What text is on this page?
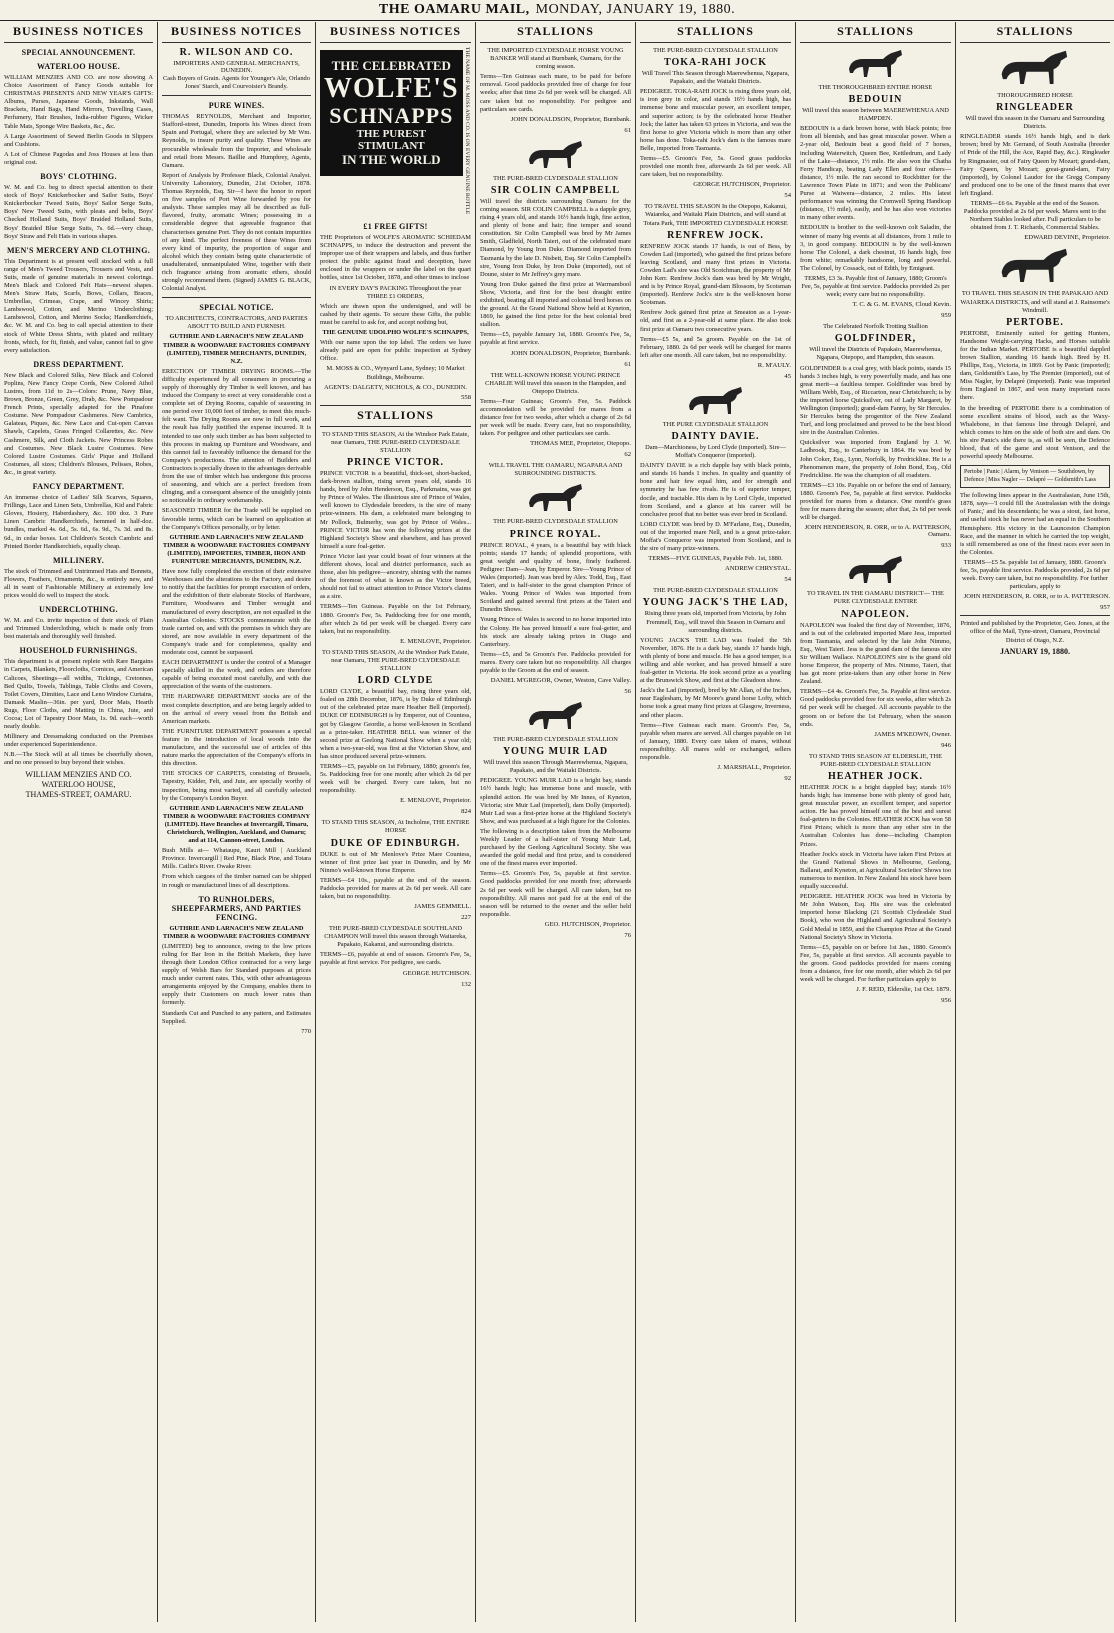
THE OAMARU MAIL, MONDAY, JANUARY 19, 1880.
BUSINESS NOTICES
SPECIAL ANNOUNCEMENT.
WATERLOO HOUSE.

WILLIAM MENZIES AND CO. are now showing A Choice Assortment of Fancy Goods suitable for CHRISTMAS PRESENTS AND NEW YEAR'S GIFTS: Albums, Purses, Japanese Goods, Inkstands, Wall Brackets, Hand Bags, Hand Mirrors, Travelling Cases, Perfumery, Hair Brushes, India-rubber Figures, Wicker Table Mats, Sponge Wire Baskets, &c., &c.

A Large Assortment of Sewed Berlin Goods in Slippers and Cushions.

A Lot of Chinese Pagodas and Joss Houses at less than original cost.

BOYS' CLOTHING.

W. M. and Co. beg to direct special attention to their stock of Boys' Knickerbocker and Sailor Suits, Boys' Knickerbocker Tweed Suits, Boys' Sailor Serge Suits, Boys' New Tweed Suits, with pleats and belts, Boys' Checked Holland Suits, Boys' Braided Holland Suits, Boys' Braided Blue Serge Suits, 7s. 6d.—very cheap, Boys' Straw and Felt Hats in various shapes.

MEN'S MERCERY AND CLOTHING.

This Department is at present well stocked with a full range of Men's Tweed Trousers, Trousers and Vests, and Suits, made of genuine materials in newest colorings. Men's Black and Colored Felt Hats—newest shapes. Men's Straw Hats, Scarfs, Bows, Collars, Braces, Umbrellas, Crimeas, Crape, and Wincey Shirts; Lambswool, Cotton, and Merino Underclothing; Lambswool, Cotton, and Merino Socks; Handkerchiefs, &c. W. M. and Co. beg to call special attention to their stock of White Dress Shirts, with plated and military fronts, which, for fit, finish, and value, cannot fail to give every satisfaction.

DRESS DEPARTMENT.

New Black and Colored Silks, New Black and Colored Poplins, New Fancy Crepe Cords, New Colored Athol Lustres, from 11d to 2s—Colors: Prune, Navy Blue, Brown, Bronze, Green, Grey, Drab, &c. New Pompadour French Prints, specially adapted for the Pinafore Costume. New Pompadour Cashmeres. New Cambrics, Galateas, Piques, &c. New Lace and Cut-open Canvas Shawls, Capelets, Grass Fringed Collarettes, &c. New Cashmere, Silk, and Cloth Jackets. New Princess Robes and Costumes. New Black Lustre Costumes. New Colored Lustre Costumes. Girls' Pique and Holland Costumes, all sizes; Children's Blouses, Pelisses, Robes, &c., in great variety.

FANCY DEPARTMENT.

An immense choice of Ladies' Silk Scarves, Squares, Frillings, Lace and Linen Sets, Umbrellas, Kid and Fabric Gloves, Hosiery, Haberdashery, &c. 100 doz. 3 Pure Linen Cambric Handkerchiefs, hemmed in half-doz. bundles, marked 4s. 6d., 5s. 6d., 6s. 9d., 7s. 3d. and 8s. 6d., in cedar boxes. Lot Children's Scotch Cambric and Printed Border Handkerchiefs, equally cheap.

MILLINERY.

The stock of Trimmed and Untrimmed Hats and Bonnets, Flowers, Feathers, Ornaments, &c., is entirely new, and all in want of Fashionable Millinery at extremely low prices would do well to inspect the stock.

UNDERCLOTHING.

W. M. and Co. invite inspection of their stock of Plain and Trimmed Underclothing, which is made only from best materials and thoroughly well finished.

HOUSEHOLD FURNISHINGS.

This department is at present replete with Rare Bargains in Carpets, Blankets, Floorcloths, Cornices, and American Calicoes, Sheetings—all widths, Tickings, Cretonnes, Bed Quilts, Towels, Tablings, Table Cloths and Covers, Toilet Covers, Dimities, Lace and Leno Window Curtains, Damask Maslin—36in. per yard, Door Mats, Hearth Rugs, Floor Cloths, and Matting in China, Jute, and Cocoa; Lot of Tapestry Door Mats, 1s. 9d. each—worth nearly double.

Millinery and Dressmaking conducted on the Premises under experienced Superintendence.

N.B.—The Stock will at all times be cheerfully shown, and no one pressed to buy beyond their wishes.

WILLIAM MENZIES AND CO.
WATERLOO HOUSE,
THAMES-STREET, OAMARU.
BUSINESS NOTICES
R. WILSON AND CO.
IMPORTERS AND GENERAL MERCHANTS, DUNEDIN.

Cash Buyers of Grain. Agents for Younger's Ale, Orlando Jones' Starch, and Courvoisier's Brandy.

PURE WINES.

THOMAS REYNOLDS, Merchant and Importer, Stafford-street, Dunedin, Imports his Wines direct from Spain and Portugal, where they are selected by Mr Wm. Reynolds, to insure purity and quality. These Wines are procurable wholesale from the Importer, and wholesale and retail from Messrs. Baillie and Humphrey, Agents, Oamaru.

Report of Analysis by Professor Black, Colonial Analyst. University Laboratory, Dunedin, 21st October, 1878. Thomas Reynolds, Esq. Sir—I have the honor to report on five samples of Port Wine forwarded by you for analysis. These samples may all be described as full-flavored, fruity, aromatic Wines; possessing in a considerable degree that agreeable fragrance that characterises genuine Port. They do not contain impurities of any kind. The perfect freeness of these Wines from every kind of impurity, the proportion of sugar and alcohol which they contain being quite characteristic of unadulterated, unmanipulated Wine, together with their rich fragrance arising from aromatic ethers, should strongly recommend them. (Signed) JAMES G. BLACK, Colonial Analyst.

SPECIAL NOTICE.

TO ARCHITECTS, CONTRACTORS, AND PARTIES ABOUT TO BUILD AND FURNISH.

GUTHRIE AND LARNACH'S NEW ZEALAND TIMBER & WOODWARE FACTORIES COMPANY (LIMITED), TIMBER MERCHANTS, DUNEDIN, N.Z.

ERECTION OF TIMBER DRYING ROOMS.—The difficulty experienced by all consumers in procuring a supply of thoroughly dry Timber is well known, and has induced the Company to erect at very considerable cost a complete set of Drying Rooms, capable of seasoning in one period over 10,000 feet of timber, to meet this much-felt want. The Drying Rooms are now in full work, and the result has fully justified the expense incurred. It is intended to use only such timber as has been subjected to this process in making up Furniture and Woodware, and this cannot fail to favorably influence the demand for the Company's productions. The attention of Builders and Contractors is specially drawn to the advantages derivable from the use of timber which has undergone this process of seasoning, and which are a perfect freedom from clinging, and a consequent absence of the unsightly joints so noticeable in ordinary workmanship.

SEASONED TIMBER for the Trade will be supplied on favorable terms, which can be learned on application at the Company's Offices personally, or by letter.

GUTHRIE AND LARNACH'S NEW ZEALAND TIMBER & WOODWARE FACTORIES COMPANY (LIMITED), IMPORTERS, TIMBER, IRON AND FURNITURE MERCHANTS, DUNEDIN, N.Z.

Have now fully completed the erection of their extensive Warehouses and the alterations to the Factory, and desire to notify that the facilities for prompt execution of orders, and the exhibition of their elaborate Stocks of Hardware, Furniture, Woodwares and Timber wrought and manufactured of every description, are not equalled in the Australian Colonies. STOCKS commensurate with the trade carried on, and with the premises in which they are stored, are now available in every department of the Company's trade and for completeness, quality and moderate cost, cannot be surpassed.

EACH DEPARTMENT is under the control of a Manager specially skilled in the work, and orders are therefore capable of being executed most carefully, and with due appreciation of the wants of the customers.

THE HARDWARE DEPARTMENT stocks are of the most complete description, and are being largely added to on the arrival of every vessel from the British and American markets.

THE FURNITURE DEPARTMENT possesses a special feature in the introduction of local woods into the manufacture, and the successful use of articles of this nature marks the appreciation of the Company's efforts in this direction.

THE STOCKS OF CARPETS, consisting of Brussels, Tapestry, Kidder, Felt, and Jute, are specially worthy of inspection, being most varied, and all carefully selected by the Company's London Buyer.

GUTHRIE AND LARNACH'S NEW ZEALAND TIMBER & WOODWARE FACTORIES COMPANY (LIMITED). Have Branches at Invercargill, Timaru, Christchurch, Wellington, Auckland, and Oamaru; and at 114, Cannon-street, London.

Bush Mills at— Whataupu, Kauri Mill | Auckland Province. Invercargill | Red Pine, Black Pine, and Totara Mills. Catlin's River. Owake River.

From which cargoes of the timber named can be shipped in rough or manufactured lines of all descriptions.

TO RUNHOLDERS, SHEEPFARMERS, AND PARTIES FENCING.

GUTHRIE AND LARNACH'S NEW ZEALAND TIMBER & WOODWARE FACTORIES COMPANY

(LIMITED) beg to announce, owing to the low prices ruling for Bar Iron in the British Markets, they have through their London Office contracted for a very large supply of Welsh Bars for Standard purposes at prices much under current rates. This, with other advantageous arrangements enjoyed by the Company, enables them to supply their Customers on much lower rates than formerly.

Standards Cut and Punched to any pattern, and Estimates Supplied.

770
BUSINESS NOTICES
THE CELEBRATED
WOLFE'S
SCHNAPPS
THE PUREST STIMULANT
IN THE WORLD	THE NAME OF M. MOSS AND CO. IS ON EVERY GENUINE BOTTLE
£1 FREE GIFTS!

THE Proprietors of WOLFE'S AROMATIC SCHIEDAM SCHNAPPS, to induce the destruction and prevent the improper use of their wrappers and labels, and thus further protect the public against fraud and deception, have enclosed in the wrappers or under the label on the quart bottles, since 1st October, 1878, and other times to inclose

IN EVERY DAY'S PACKING Throughout the year THREE £1 ORDERS,

Which are drawn upon the undersigned, and will be cashed by their agents. To secure these Gifts, the public must be careful to ask for, and accept nothing but,

THE GENUINE UDOLPHO WOLFE'S SCHNAPPS,

With our name upon the top label. The orders we have already paid are open for public inspection at Sydney Office.

M. MOSS & CO., Wynyard Lane, Sydney; 10 Market Buildings, Melbourne.

AGENTS: DALGETY, NICHOLS, & CO., DUNEDIN.

558
STALLIONS

TO STAND THIS SEASON, At the Windsor Park Estate, near Oamaru, THE PURE-BRED CLYDESDALE STALLION

PRINCE VICTOR.

PRINCE VICTOR is a beautiful, thick-set, short-backed, dark-brown stallion, rising seven years old, stands 16 hands, bred by John Henderson, Esq., Parkmains, was got by Prince of Wales. The illustrious sire of Prince of Wales, well known to Clydesdale breeders, is the sire of many prize-winners. His dam, a celebrated mare belonging to Mr Pollock, Bulmerhy, was got by Prince of Wales... PRINCE VICTOR has won the following prizes at the Highland Society's Show and elsewhere, and has proved himself a sure foal-getter.

Prince Victor last year could boast of four winners at the different shows, local and district performance, such as those, also his pedigree—ancestry, shining with the names of the foremost of what is known as the Victor breed, should not fail to attract attention to Prince Victor's claims as a sire.

TERMS—Ten Guineas. Payable on the 1st February, 1880. Groom's Fee, 5s. Paddocking free for one month, after which 2s 6d per week will be charged. Every care taken, but no responsibility.

E. MENLOVE, Proprietor.

TO STAND THIS SEASON, At the Windsor Park Estate, near Oamaru, THE PURE-BRED CLYDESDALE STALLION

LORD CLYDE

LORD CLYDE, a beautiful bay, rising three years old, foaled on 28th December, 1876, is by Duke of Edinburgh out of the celebrated prize mare Heather Bell (imported). DUKE OF EDINBURGH is by Emperor, out of Countess, got by Glasgow Geordie, a horse well-known in Scotland as a prize-taker. HEATHER BELL was winner of the second prize at Geelong National Show when a year old; when a two-year-old, was first at the Victorian Show, and has since produced several prize-winners.

TERMS—£5, payable on 1st February, 1880; groom's fee, 5s. Paddocking free for one month; after which 2s 6d per week will be charged. Every care taken, but no responsibility.

E. MENLOVE, Proprietor.
824

TO STAND THIS SEASON, At Incholme, THE ENTIRE HORSE

DUKE OF EDINBURGH.

DUKE is out of Mr Menlove's Prize Mare Countess, winner of first prize last year in Dunedin, and by Mr Ninmo's well-known Horse Emperor.

TERMS—£4 10s., payable at the end of the season. Paddocks provided for mares at 2s 6d per week. All care taken, but no responsibility.

JAMES GEMMELL.
227

THE PURE-BRED CLYDESDALE SOUTHLAND CHAMPION Will travel this season through Waitareka, Papakaio, Kakanui, and surrounding districts.

TERMS—£6, payable at end of season. Groom's Fee, 5s, payable at first service. For pedigree, see cards.

GEORGE HUTCHISON.
132
STALLIONS

THE IMPORTED CLYDESDALE HORSE YOUNG BANKER Will stand at Burnbank, Oamaru, for the coming season.

Terms—Ten Guineas each mare, to be paid for before removal. Good paddocks provided free of charge for four weeks; after that time 2s 6d per week will be charged. All care taken but no responsibility. For pedigree and particulars see cards.

JOHN DONALDSON, Proprietor, Burnbank.
61

THE PURE-BRED CLYDESDALE STALLION

SIR COLIN CAMPBELL

Will travel the districts surrounding Oamaru for the coming season. SIR COLIN CAMPBELL is a dapple grey, rising 4 years old, and stands 16½ hands high, fine action, and plenty of bone and hair; fine temper and sound constitution. Sir Colin Campbell was bred by Mr James Smith, Gladfield, North Taieri, out of the celebrated mare Diamond, by Young Iron Duke. Diamond imported from Tasmania by the late D. Nisbett, Esq. Sir Colin Campbell's sire, Young Iron Duke, by Iron Duke (imported), out of Doune, sister to Mr Jeffrey's grey mare.

Young Iron Duke gained the first prize at Warrnambool Show, Victoria, and first for the best draught entire exhibited, beating all imported and colonial bred horses on the ground. At the Grand National Show held at Kyneton, 1869, he gained the first prize for the best colonial bred stallion.

Terms—£5, payable January 1st, 1880. Groom's Fee, 5s, payable at first service.

JOHN DONALDSON, Proprietor, Burnbank.
61

THE WELL-KNOWN HORSE YOUNG PRINCE CHARLIE Will travel this season in the Hampden, and Otepopo Districts.

Terms—Four Guineas; Groom's Fee, 5s. Paddock accommodation will be provided for mares from a distance free for two weeks, after which a charge of 2s 6d per week will be made. Every care, but no responsibility, taken. For pedigree and other particulars see cards.

THOMAS MEE, Proprietor, Otepopo.
62

WILL TRAVEL THE OAMARU, NGAPARA AND SURROUNDING DISTRICTS.

THE PURE-BRED CLYDESDALE STALLION

PRINCE ROYAL.

PRINCE ROYAL, 4 years, is a beautiful bay with black points; stands 17 hands; of splendid proportions, with great weight and quality of bone, finely feathered. Pedigree: Dam—Jean, by Emperor. Sire—Young Prince of Wales (imported). Jean was bred by Alex. Todd, Esq., East Taieri, and is half-sister to the great champion Prince of Wales. Young Prince of Wales was imported from Scotland and gained several first prizes at the Taieri and Dunedin Shows.

Young Prince of Wales is second to no horse imported into the Colony. He has proved himself a sure foal-getter, and his stock are already taking prizes in Otago and Canterbury.

Terms—£5, and 5s Groom's Fee. Paddocks provided for mares. Every care taken but no responsibility. All charges payable to the Groom at the end of season.

DANIEL M'GREGOR, Owner, Weston, Cave Valley.
56

THE PURE-BRED CLYDESDALE STALLION

YOUNG MUIR LAD

Will travel this season Through Maerewhenua, Ngapara, Papakaio, and the Waitaki Districts.

PEDIGREE. YOUNG MUIR LAD is a bright bay, stands 16½ hands high; has immense bone and muscle, with splendid action. He was bred by Mr Innes, of Kyneton, Victoria; sire Muir Lad (imported), dam Dolly (imported). Muir Lad was a first-prize horse at the Highland Society's Show, and was purchased at a high figure for the Colonies.

The following is a description taken from the Melbourne Weekly Leader of a half-sister of Young Muir Lad, purchased by the Geelong Agricultural Society. She was awarded the gold medal and first prize, and is considered one of the finest mares ever imported.

Terms—£5. Groom's Fee, 5s, payable at first service. Good paddocks provided for one month free; afterwards 2s 6d per week will be charged. All care taken, but no responsibility. All mares not paid for at the end of the season will be returned to the owner and the seller held responsible.

GEO. HUTCHISON, Proprietor.
76
STALLIONS

THE PURE-BRED CLYDESDALE STALLION

TOKA-RAHI JOCK

Will Travel This Season through Maerewhenua, Ngapara, Papakaio, and the Waitaki Districts.

PEDIGREE. TOKA-RAHI JOCK is rising three years old, is iron grey in color, and stands 16½ hands high, has immense bone and muscular power, an excellent temper, and superior action; is by the celebrated horse Heather Jock; the latter has taken 63 prizes in Victoria, and was the first horse to give Victoria which is more than any other horse has done. Toka-rahi Jock's dam is the famous mare Belle, imported from Tasmania.

Terms—£5. Groom's Fee, 5s. Good grass paddocks provided one month free, afterwards 2s 6d per week. All care taken, but no responsibility.

GEORGE HUTCHISON, Proprietor.
54

TO TRAVEL THIS SEASON In the Otepopo, Kakanui, Waiareka, and Waitaki Plain Districts, and will stand at Totara Park, THE IMPORTED CLYDESDALE HORSE

RENFREW JOCK.

RENFREW JOCK stands 17 hands, is out of Bess, by Cowden Lad (imported), who gained the first prizes before leaving Scotland, and many first prizes in Victoria. Cowden Lad's sire was Old Scotchman, the property of Mr John Kerr. Renfrew Jock's dam was bred by Mr Wright, and is by Prince Royal, grand-dam Blossom, by Scotsman (imported). Renfrew Jock's sire is the well-known horse Scotsman.

Renfrew Jock gained first prize at Smeaton as a 1-year-old, and first as a 2-year-old at same place. He also took first prize at Oamaru two consecutive years.

Terms—£5 5s, and 5s groom. Payable on the 1st of February, 1880. 2s 6d per week will be charged for mares left after one month. All care taken, but no responsibility.

R. M'AULY.
45

THE PURE CLYDESDALE STALLION

DAINTY DAVIE.

Dam—Marchioness, by Lord Clyde (imported). Sire—Moffat's Conqueror (imported).

DAINTY DAVIE is a rich dapple bay with black points, and stands 16 hands 1 inches. In quality and quantity of bone and hair few equal him, and for strength and symmetry he has few rivals. He is of superior temper, docile, and tractable. His dam is by Lord Clyde, imported from Scotland, and a glance at his career will be conclusive proof that no better was ever bred in Scotland.

LORD CLYDE was bred by D. M'Farlane, Esq., Dunedin, out of the imported mare Nell, and is a great prize-taker. Moffat's Conqueror was imported from Scotland, and is the sire of many prize-winners.

TERMS—FIVE GUINEAS, Payable Feb. 1st, 1880.

ANDREW CHRYSTAL.
54

THE PURE-BRED CLYDESDALE STALLION

YOUNG JACK'S THE LAD,

Rising three years old, imported from Victoria, by John Fremmell, Esq., will travel this Season in Oamaru and surrounding districts.

YOUNG JACK'S THE LAD was foaled the 5th November, 1876. He is a dark bay, stands 17 hands high, with plenty of bone and muscle. He has a good temper, is a willing and able worker, and has proved himself a sure foal-getter in Victoria. He took second prize as a yearling at the Brunswick Show, and first at the Gleadoon show.

Jack's the Lad (imported), bred by Mr Allan, of the Inches, near Eaglesham, by Mr Moore's grand horse Lofty, which horse took a great many first prizes at Glasgow, Inverness, and other places.

Terms—Five Guineas each mare. Groom's Fee, 5s, payable when mares are served. All charges payable on 1st of January, 1880. Every care taken of mares, without responsibility. All mares sold or exchanged, sellers responsible.

J. MARSHALL, Proprietor.
92
STALLIONS

THE THOROUGHBRED ENTIRE HORSE

BEDOUIN

Will travel this season between MAEREWHENUA AND HAMPDEN.

BEDOUIN is a dark brown horse, with black points; free from all blemish, and has great muscular power. When a 2-year old, Bedouin beat a good field of 7 horses, including Waterwitch, Queen Bee, Kettledrum, and Lady of the Lake—distance, 1½ mile. He also won the Chatha Ferry Handicap, beating Lady Ellen and four others—distance, 1½ mile. He ran second to Rockbitter for the Lawrence Town Plate in 1871; and won the Publicans' Purse at Waiwera—distance, 2 miles. His latest performance was winning the Cromwell Spring Handicap (distance, 1½ mile), easily, and he has also won victories in many other events.

BEDOUIN is brother to the well-known colt Saladin, the winner of many big events at all distances, from 1 mile to 3, in good company. BEDOUIN is by the well-known horse The Colonel, a dark chestnut, 16 hands high, free from white; remarkably handsome, long and powerful. The Colonel, by Cossack, out of Edith, by Emigrant.

TERMS, £3 3s. Payable first of January, 1880; Groom's Fee, 5s, payable at first service. Paddocks provided 2s per week; every care but no responsibility.

T. C. & G. M. EVANS, Cloud Kevin.
959

The Celebrated Norfolk Trotting Stallion

GOLDFINDER,

Will travel the Districts of Papakaio, Maerewhenua, Ngapara, Otepopo, and Hampden, this season.

GOLDFINDER is a coal grey, with black points, stands 15 hands 3 inches high, is very powerfully made, and has one great merit—a faultless temper. Goldfinder was bred by William Webb, Esq., of Riccarton, near Christchurch; is by the imported horse Quicksilver, out of Lady Margaret, by Wellington (imported); grand-dam Fanny, by Sir Hercules. Sir Hercules being the progenitor of the New Zealand Turf, and long proclaimed and proved to be the best blood sire in the Australian Colonies.

Quicksilver was imported from England by J. W. Ladbrook, Esq., to Canterbury in 1864. He was bred by John Coker, Esq., Lynn, Norfolk, by Fredrickline. He is a Phenomenon mare, the property of John Bond, Esq., Old Fredrickline. He was the champion of all roadsters.

TERMS—£3 10s. Payable on or before the end of January, 1880. Groom's Fee, 5s, payable at first service. Paddocks provided for mares from a distance. One month's grass free for mares during the season; after that, 2s 6d per week will be charged.

JOHN HENDERSON, R. ORR, or to A. PATTERSON, Oamaru.
933

TO TRAVEL IN THE OAMARU DISTRICT— THE PURE CLYDESDALE ENTIRE

NAPOLEON.

NAPOLEON was foaled the first day of November, 1876, and is out of the celebrated imported Mare Jess, imported from Tasmania, and selected by the late John Nimmo, Esq., West Taieri. Jess is the grand dam of the famous sire Sir William Wallace. NAPOLEON'S sire is the grand old horse Emperor, the property of Mrs. Nimmo, Taieri, that has got more prize-takers than any other horse in New Zealand.

TERMS—£4 4s. Groom's Fee, 5s. Payable at first service. Good paddocks provided free for six weeks, after which 2s 6d per week will be charged. All accounts payable to the groom on or before the 1st February, when the season ends.

JAMES M'KEOWN, Owner.
946

TO STAND THIS SEASON AT ELDERSLIE, THE PURE-BRED CLYDESDALE STALLION

HEATHER JOCK.

HEATHER JOCK is a bright dappled bay; stands 16½ hands high; has immense bone with plenty of good hair, great muscular power, an excellent temper, and superior action. He has proved himself one of the best and surest foal-getters in the Colonies. HEATHER JOCK has won 58 First Prizes; which is more than any other sire in the Australian Colonies has done—including Champion Prizes.

Heather Jock's stock in Victoria have taken First Prizes at the Grand National Shows in Melbourne, Geelong, Ballarat, and Kyneton, at Agricultural Societies' Shows too numerous to mention. In New Zealand his stock have been equally successful.

PEDIGREE. HEATHER JOCK was bred in Victoria by Mr John Watson, Esq. His sire was the celebrated imported horse Blacking (21 Scottish Clydesdale Stud Book), who won the Highland and Agricultural Society's Gold Medal in 1859, and the Champion Prize at the Grand National Society's Show in Victoria.

Terms—£5, payable on or before 1st Jan., 1880. Groom's Fee, 5s, payable at first service. All accounts payable to the groom. Good paddocks provided for mares coming from a distance, free for one month, after which 2s 6d per week will be charged. For further particulars apply to

J. F. REID, Elderslie, 1st Oct. 1879.
956
STALLIONS

THOROUGHBRED HORSE

RINGLEADER

Will travel this season in the Oamaru and Surrounding Districts.

RINGLEADER stands 16½ hands high, and is dark brown; bred by Mr. Gerrand, of South Australia (breeder of Pride of the Hill, the Ace, Rapid Bay, &c.). Ringleader by Ringmaster, out of Fairy Queen by Mozart; grand-dam, Fairy Queen, by Mozart; great-grand-dam, Fairy (imported), by Colonel Laudor for the Gregg Company and produced one to be one of the finest mares that ever left England.

TERMS—£6 6s. Payable at the end of the Season. Paddocks provided at 2s 6d per week. Mares sent to the Northern Stables looked after. Full particulars to be obtained from J. T. Richards, Commercial Stables.

EDWARD DEVINE, Proprietor.

TO TRAVEL THIS SEASON IN THE PAPAKAIO AND WAIAREKA DISTRICTS, and will stand at J. Rainsome's Windmill.

PERTOBE.

PERTOBE, Eminently suited for getting Hunters, Handsome Weight-carrying Hacks, and Horses suitable for the Indian Market. PERTOBE is a beautiful dappled brown Stallion, standing 16 hands high. Bred by H. Phillips, Esq., Victoria, in 1869. Got by Panic (imported); dam, Goldsmith's Lass, by The Premier (imported), out of Miss Nagler, by Delapré (imported). Panic was imported from England in 1867, and won many important races there.

In the breeding of PERTOBE there is a combination of some excellent strains of blood, such as the Waxy-Whalebone, in that famous line through Delapré, and which comes to him on the side of both sire and dam. On his sire Panic's side there is, as will be seen, the Defence blood, that of the game and stout Venison, and the powerful speedy Melbourne.

Pertobe | Panic | Alarm, by Venison — Southdown, by Defence | Miss Nagler — Delapré — Goldsmith's Lass

The following lines appear in the Australasian, June 15th, 1878, says—'I could fill the Australasian with the doings of Panic,' and his descendants; he was a stout, fast horse, and useful stock he has never had an equal in the Southern Hemisphere. His victory in the Launceston Champion Race, and the manner in which he carried the top weight, is still remembered as one of the finest races ever seen in the Colonies.

TERMS—£5 5s. payable 1st of January, 1880. Groom's fee, 5s, payable first service. Paddocks provided, 2s 6d per week. Every care taken, but no responsibility. For further particulars, apply to

JOHN HENDERSON, R. ORR, or to A. PATTERSON.
957

Printed and published by the Proprietor, Geo. Jones, at the office of the Mail, Tyne-street, Oamaru, Provincial District of Otago, N.Z.

JANUARY 19, 1880.
